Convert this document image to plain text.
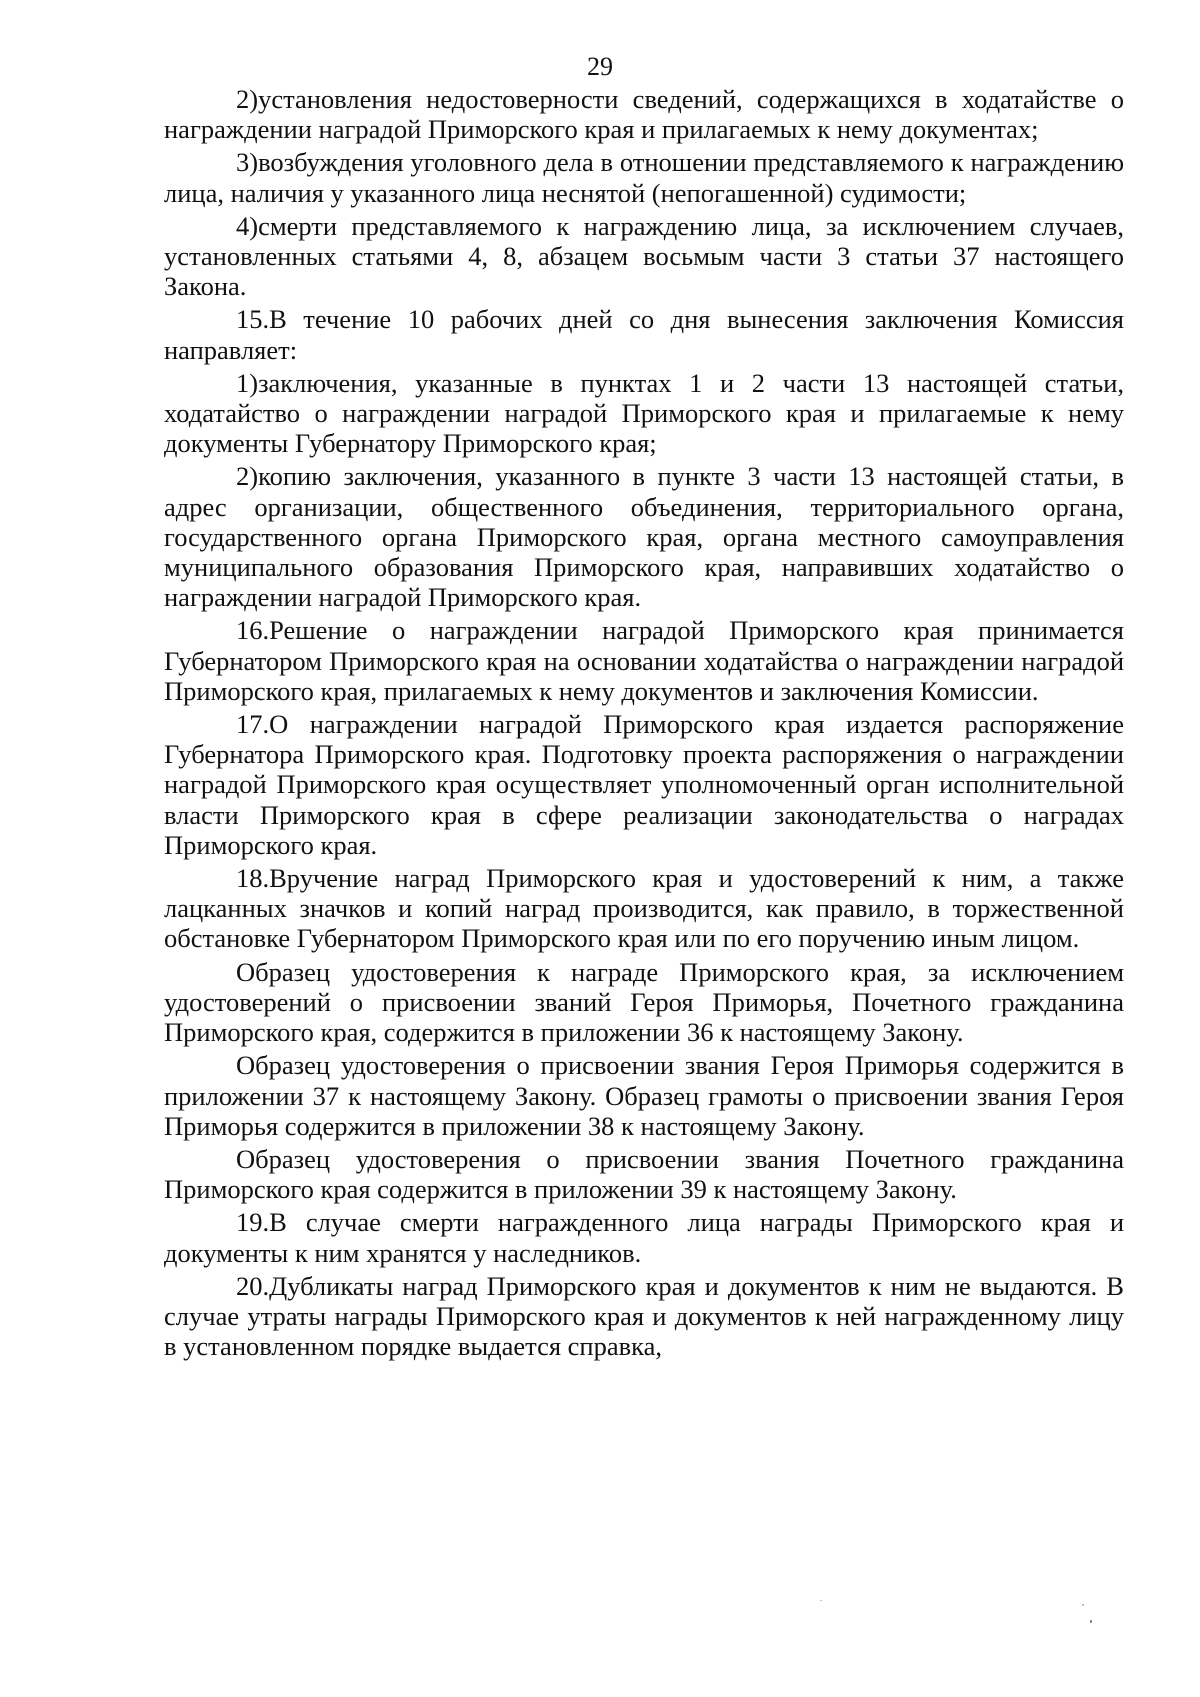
29

2)установления недостоверности сведений, содержащихся в ходатайстве о награждении наградой Приморского края и прилагаемых к нему документах;

3)возбуждения уголовного дела в отношении представляемого к награждению лица, наличия у указанного лица неснятой (непогашенной) судимости;

4)смерти представляемого к награждению лица, за исключением случаев, установленных статьями 4, 8, абзацем восьмым части 3 статьи 37 настоящего Закона.

15.В течение 10 рабочих дней со дня вынесения заключения Комиссия направляет:

1)заключения, указанные в пунктах 1 и 2 части 13 настоящей статьи, ходатайство о награждении наградой Приморского края и прилагаемые к нему документы Губернатору Приморского края;

2)копию заключения, указанного в пункте 3 части 13 настоящей статьи, в адрес организации, общественного объединения, территориального органа, государственного органа Приморского края, органа местного самоуправления муниципального образования Приморского края, направивших ходатайство о награждении наградой Приморского края.

16.Решение о награждении наградой Приморского края принимается Губернатором Приморского края на основании ходатайства о награждении наградой Приморского края, прилагаемых к нему документов и заключения Комиссии.

17.О награждении наградой Приморского края издается распоряжение Губернатора Приморского края. Подготовку проекта распоряжения о награждении наградой Приморского края осуществляет уполномоченный орган исполнительной власти Приморского края в сфере реализации законодательства о наградах Приморского края.

18.Вручение наград Приморского края и удостоверений к ним, а также лацканных значков и копий наград производится, как правило, в торжественной обстановке Губернатором Приморского края или по его поручению иным лицом.

Образец удостоверения к награде Приморского края, за исключением удостоверений о присвоении званий Героя Приморья, Почетного гражданина Приморского края, содержится в приложении 36 к настоящему Закону.

Образец удостоверения о присвоении звания Героя Приморья содержится в приложении 37 к настоящему Закону. Образец грамоты о присвоении звания Героя Приморья содержится в приложении 38 к настоящему Закону.

Образец удостоверения о присвоении звания Почетного гражданина Приморского края содержится в приложении 39 к настоящему Закону.

19.В случае смерти награжденного лица награды Приморского края и документы к ним хранятся у наследников.

20.Дубликаты наград Приморского края и документов к ним не выдаются. В случае утраты награды Приморского края и документов к ней награжденному лицу в установленном порядке выдается справка,
